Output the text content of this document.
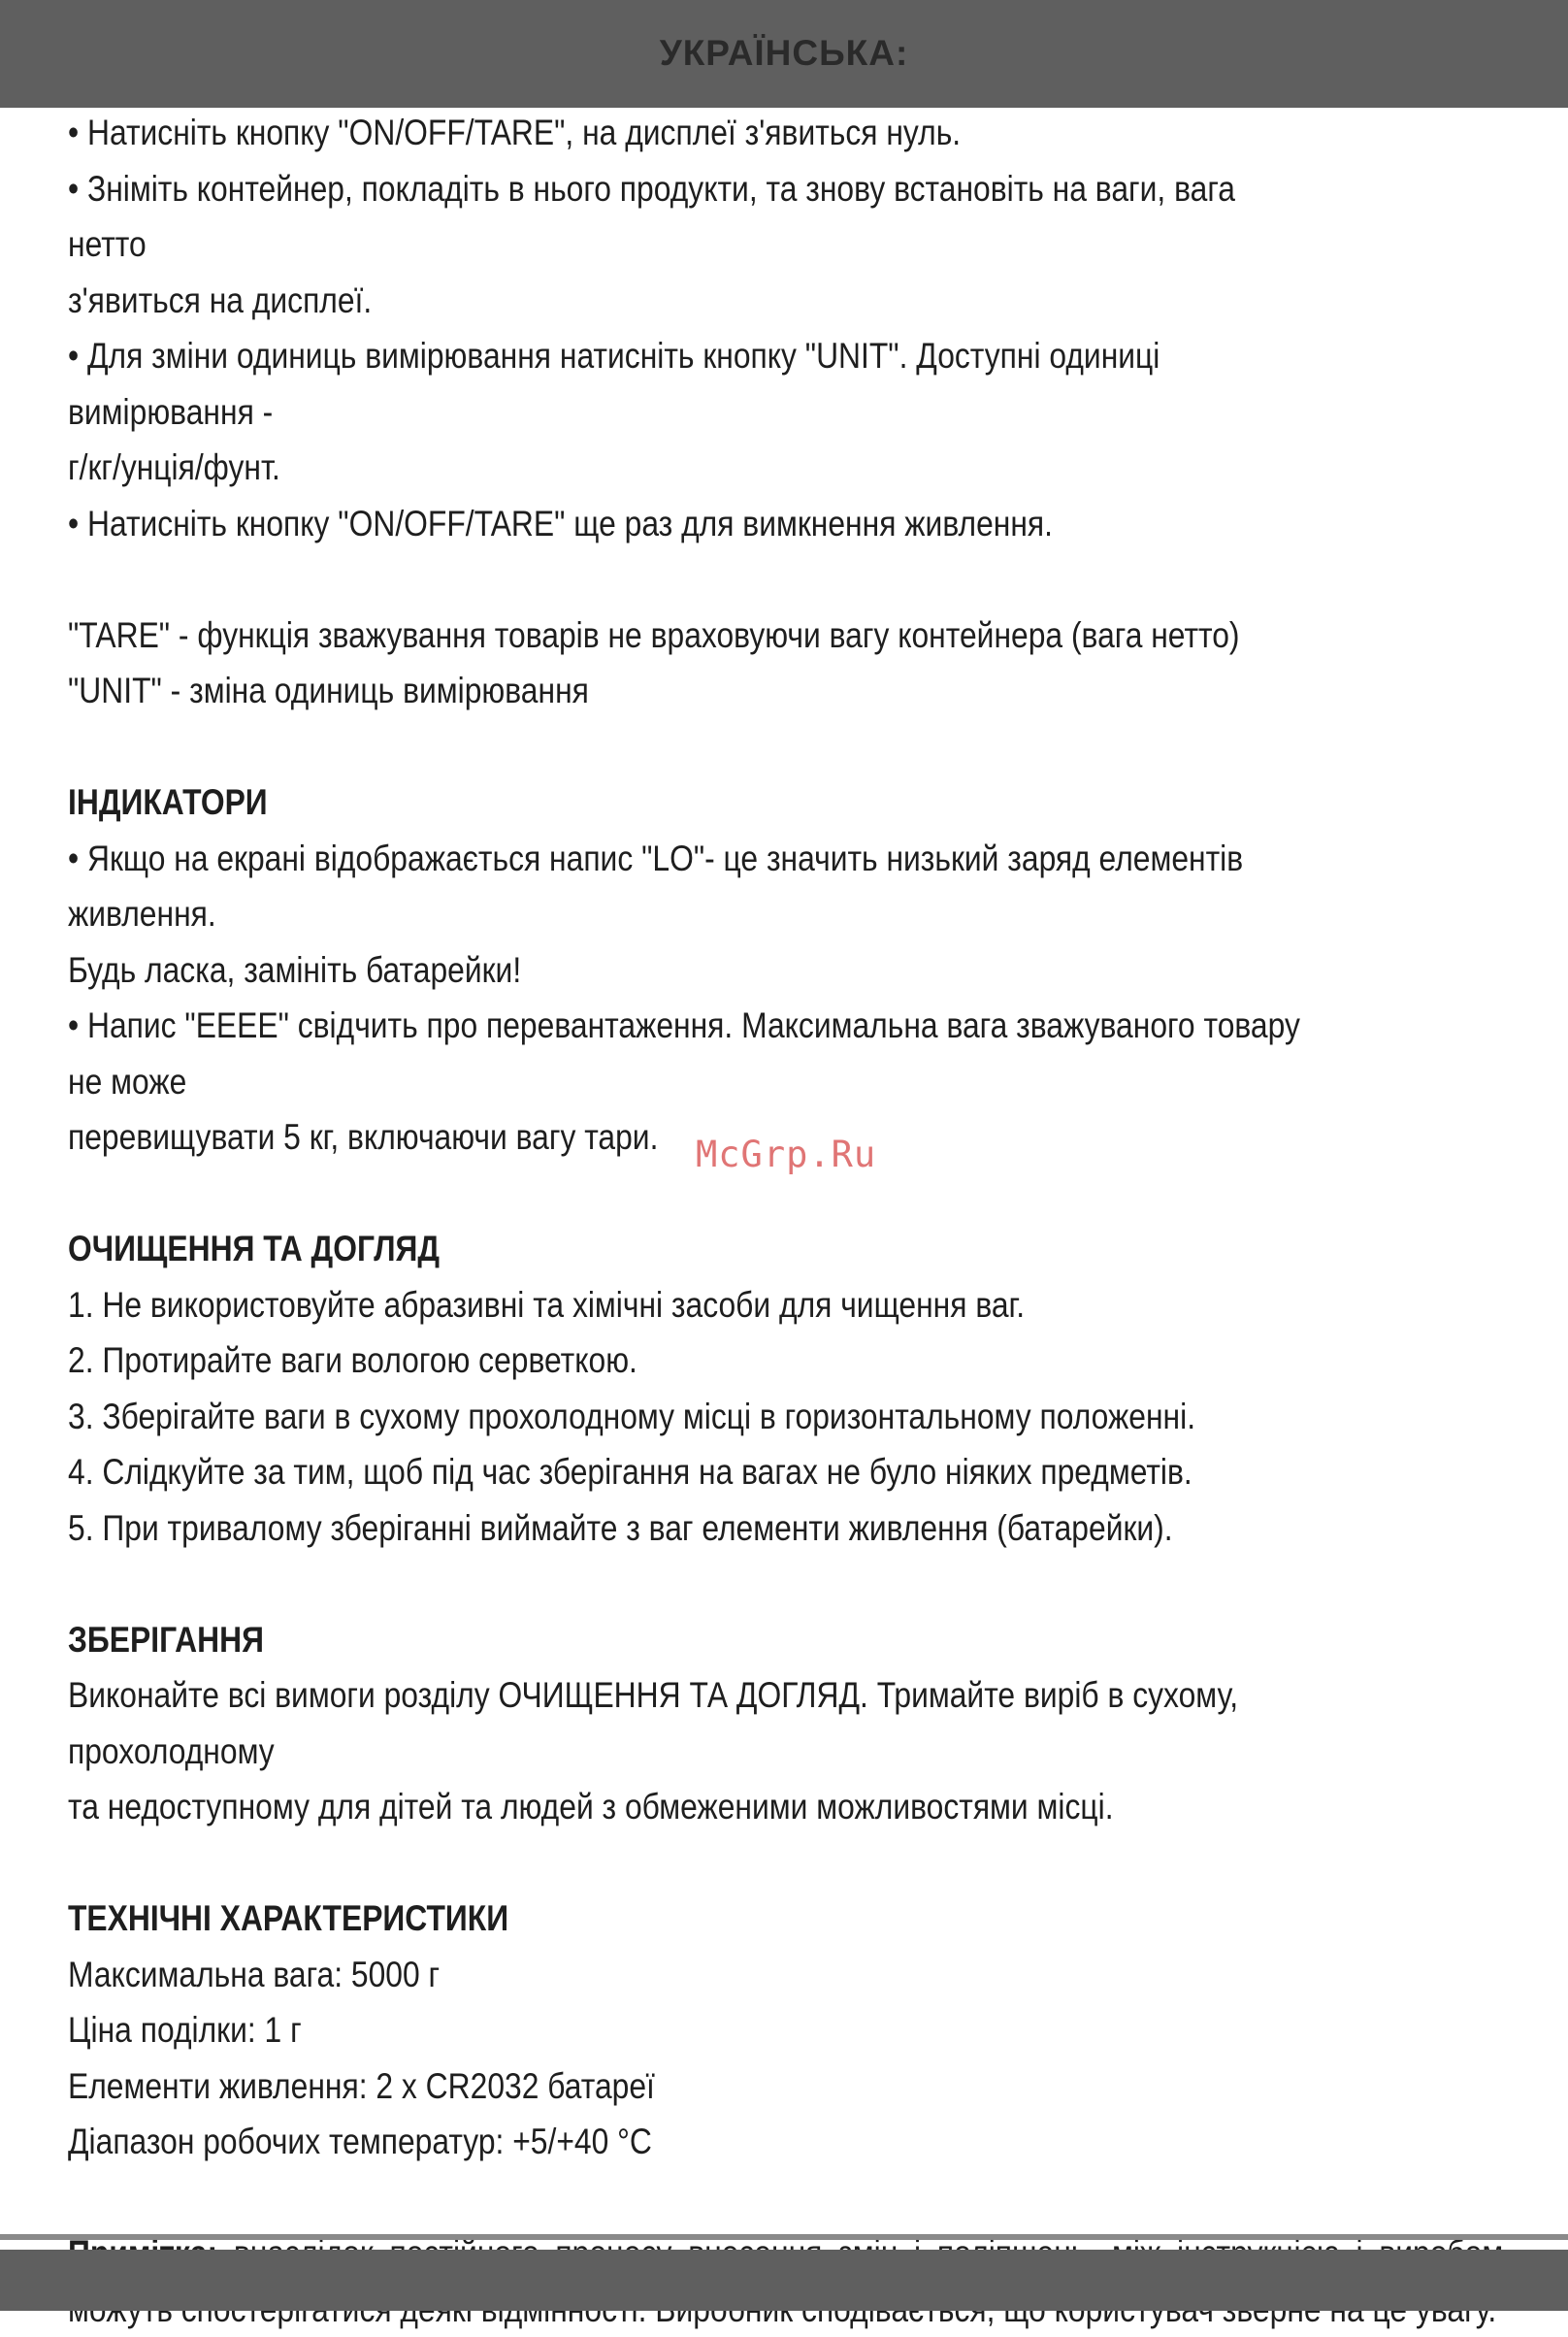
УКРАЇНСЬКА:

• Натисніть кнопку "ON/OFF/TARE", на дисплеї з'явиться нуль.

• Зніміть контейнер, покладіть в нього продукти, та знову встановіть на ваги, вага нетто

з'явиться на дисплеї.

• Для зміни одиниць вимірювання натисніть кнопку "UNIT". Доступні одиниці вимірювання -

г/кг/унція/фунт.

• Натисніть кнопку "ON/OFF/TARE" ще раз для вимкнення живлення.

"TARE" - функція зважування товарів не враховуючи вагу контейнера (вага нетто)

"UNIT" - зміна одиниць вимірювання

ІНДИКАТОРИ

• Якщо на екрані відображається напис "LO"- це значить низький заряд елементів живлення.

Будь ласка, замініть батарейки!

• Напис "ЕЕЕЕ" свідчить про перевантаження. Максимальна вага зважуваного товару не може

перевищувати 5 кг, включаючи вагу тари.

ОЧИЩЕННЯ ТА ДОГЛЯД

1. Не використовуйте абразивні та хімічні засоби для чищення ваг.

2. Протирайте ваги вологою серветкою.

3. Зберігайте ваги в сухому прохолодному місці в горизонтальному положенні.

4. Слідкуйте за тим, щоб під час зберігання на вагах не було ніяких предметів.

5. При тривалому зберіганні виймайте з ваг елементи живлення (батарейки).

ЗБЕРІГАННЯ

Виконайте всі вимоги розділу ОЧИЩЕННЯ ТА ДОГЛЯД. Тримайте виріб в сухому, прохолодному

та недоступному для дітей та людей з обмеженими можливостями місці.

ТЕХНІЧНІ ХАРАКТЕРИСТИКИ

Максимальна вага: 5000 г

Ціна поділки: 1 г

Елементи живлення: 2 x CR2032 батареї

Діапазон робочих температур: +5/+40 °C

McGrp.Ru
